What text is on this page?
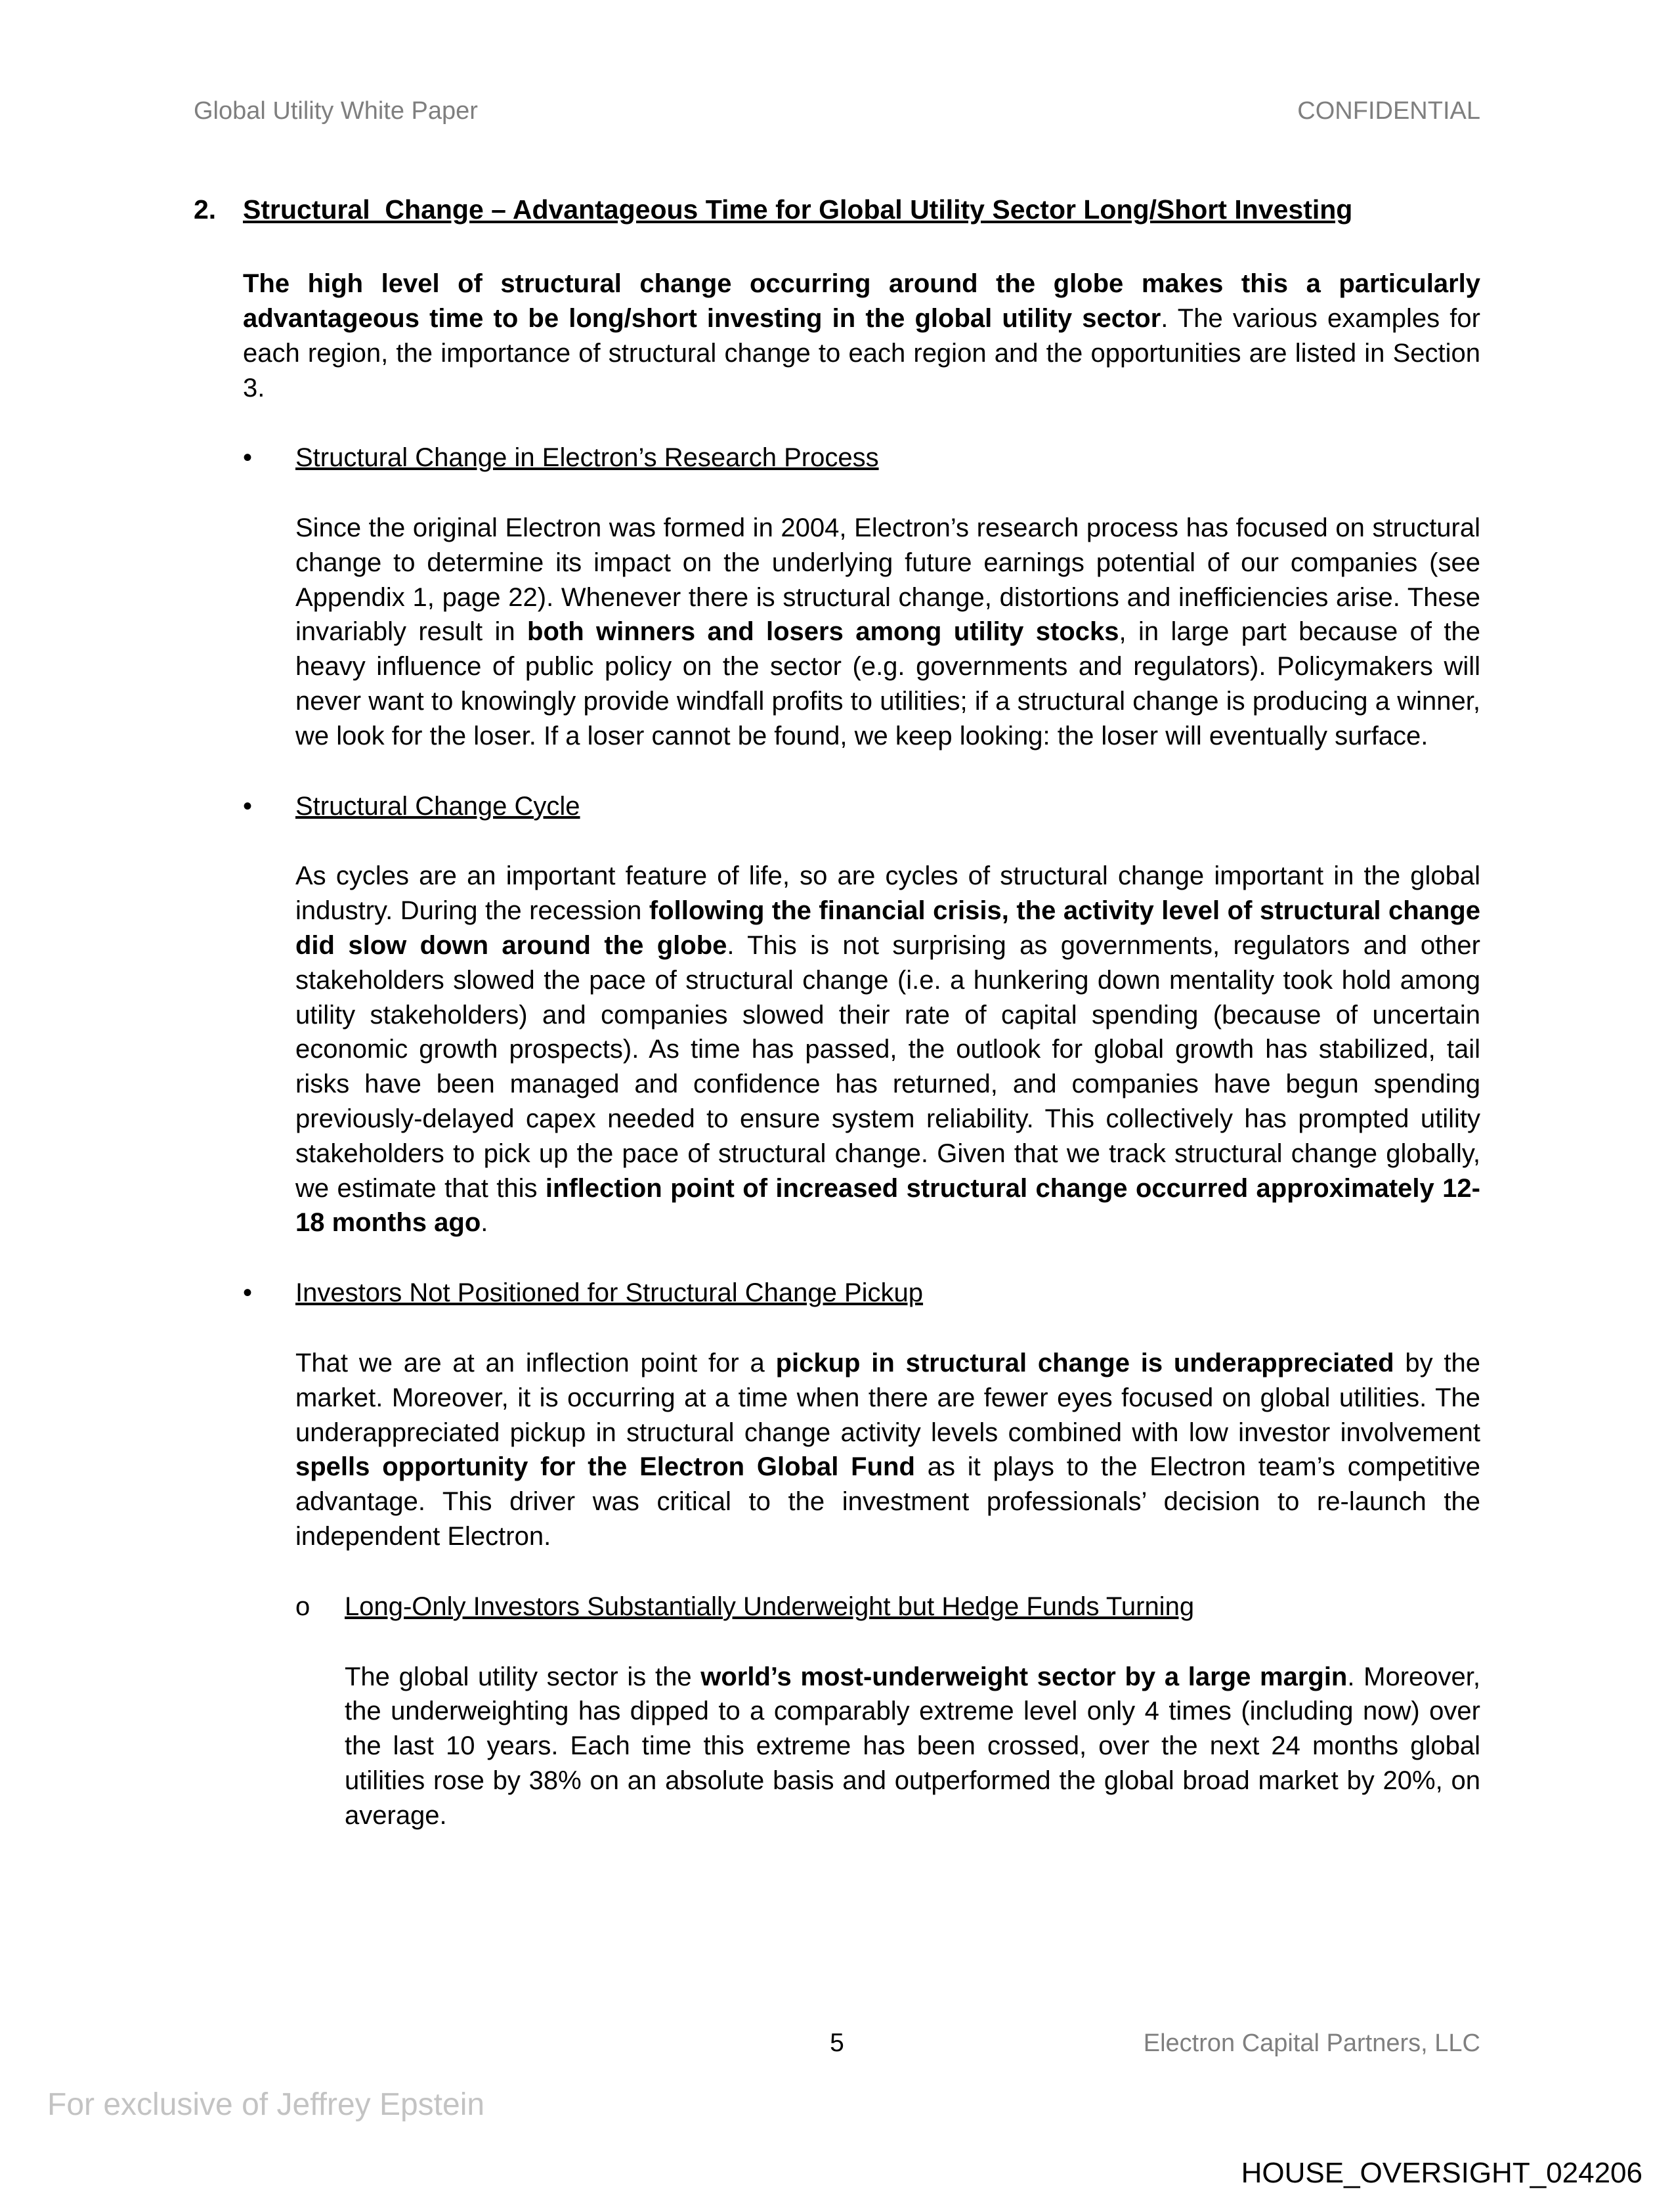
Global Utility White Paper	CONFIDENTIAL
2. Structural  Change – Advantageous Time for Global Utility Sector Long/Short Investing

The high level of structural change occurring around the globe makes this a particularly advantageous time to be long/short investing in the global utility sector. The various examples for each region, the importance of structural change to each region and the opportunities are listed in Section 3.

•	Structural Change in Electron’s Research Process

Since the original Electron was formed in 2004, Electron’s research process has focused on structural change to determine its impact on the underlying future earnings potential of our companies (see Appendix 1, page 22). Whenever there is structural change, distortions and inefficiencies arise. These invariably result in both winners and losers among utility stocks, in large part because of the heavy influence of public policy on the sector (e.g. governments and regulators). Policymakers will never want to knowingly provide windfall profits to utilities; if a structural change is producing a winner, we look for the loser. If a loser cannot be found, we keep looking: the loser will eventually surface.

•	Structural Change Cycle

As cycles are an important feature of life, so are cycles of structural change important in the global industry. During the recession following the financial crisis, the activity level of structural change did slow down around the globe. This is not surprising as governments, regulators and other stakeholders slowed the pace of structural change (i.e. a hunkering down mentality took hold among utility stakeholders) and companies slowed their rate of capital spending (because of uncertain economic growth prospects). As time has passed, the outlook for global growth has stabilized, tail risks have been managed and confidence has returned, and companies have begun spending previously-delayed capex needed to ensure system reliability. This collectively has prompted utility stakeholders to pick up the pace of structural change. Given that we track structural change globally, we estimate that this inflection point of increased structural change occurred approximately 12-18 months ago.

•	Investors Not Positioned for Structural Change Pickup

That we are at an inflection point for a pickup in structural change is underappreciated by the market. Moreover, it is occurring at a time when there are fewer eyes focused on global utilities. The underappreciated pickup in structural change activity levels combined with low investor involvement spells opportunity for the Electron Global Fund as it plays to the Electron team’s competitive advantage. This driver was critical to the investment professionals’ decision to re-launch the independent Electron.

o	Long-Only Investors Substantially Underweight but Hedge Funds Turning

The global utility sector is the world’s most-underweight sector by a large margin. Moreover, the underweighting has dipped to a comparably extreme level only 4 times (including now) over the last 10 years. Each time this extreme has been crossed, over the next 24 months global utilities rose by 38% on an absolute basis and outperformed the global broad market by 20%, on average.

5	Electron Capital Partners, LLC
For exclusive of Jeffrey Epstein
HOUSE_OVERSIGHT_024206
